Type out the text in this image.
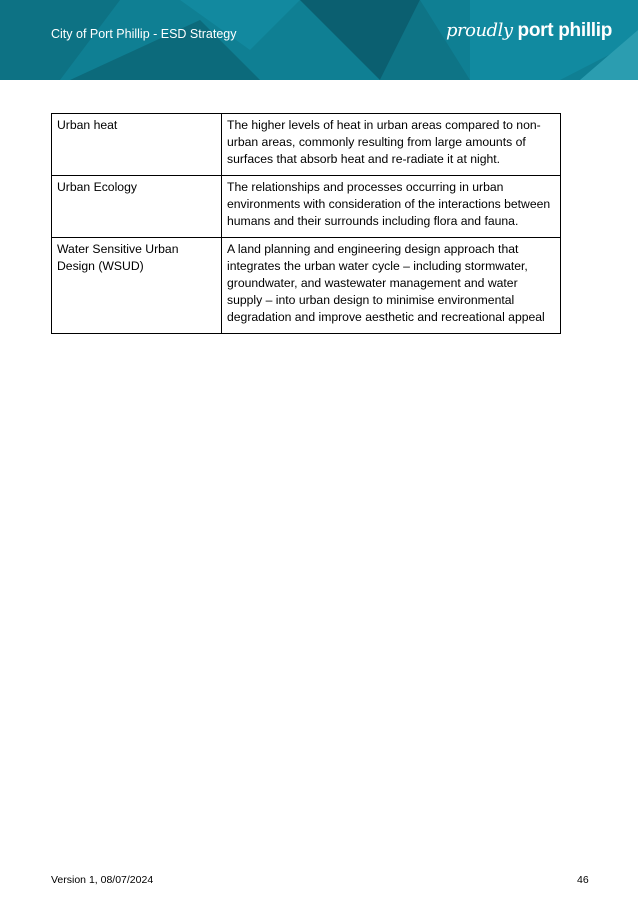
City of Port Phillip - ESD Strategy	proudly port phillip
Urban heat	The higher levels of heat in urban areas compared to non-urban areas, commonly resulting from large amounts of surfaces that absorb heat and re-radiate it at night.
Urban Ecology	The relationships and processes occurring in urban environments with consideration of the interactions between humans and their surrounds including flora and fauna.
Water Sensitive Urban Design (WSUD)	A land planning and engineering design approach that integrates the urban water cycle – including stormwater, groundwater, and wastewater management and water supply – into urban design to minimise environmental degradation and improve aesthetic and recreational appeal
Version 1, 08/07/2024	46
